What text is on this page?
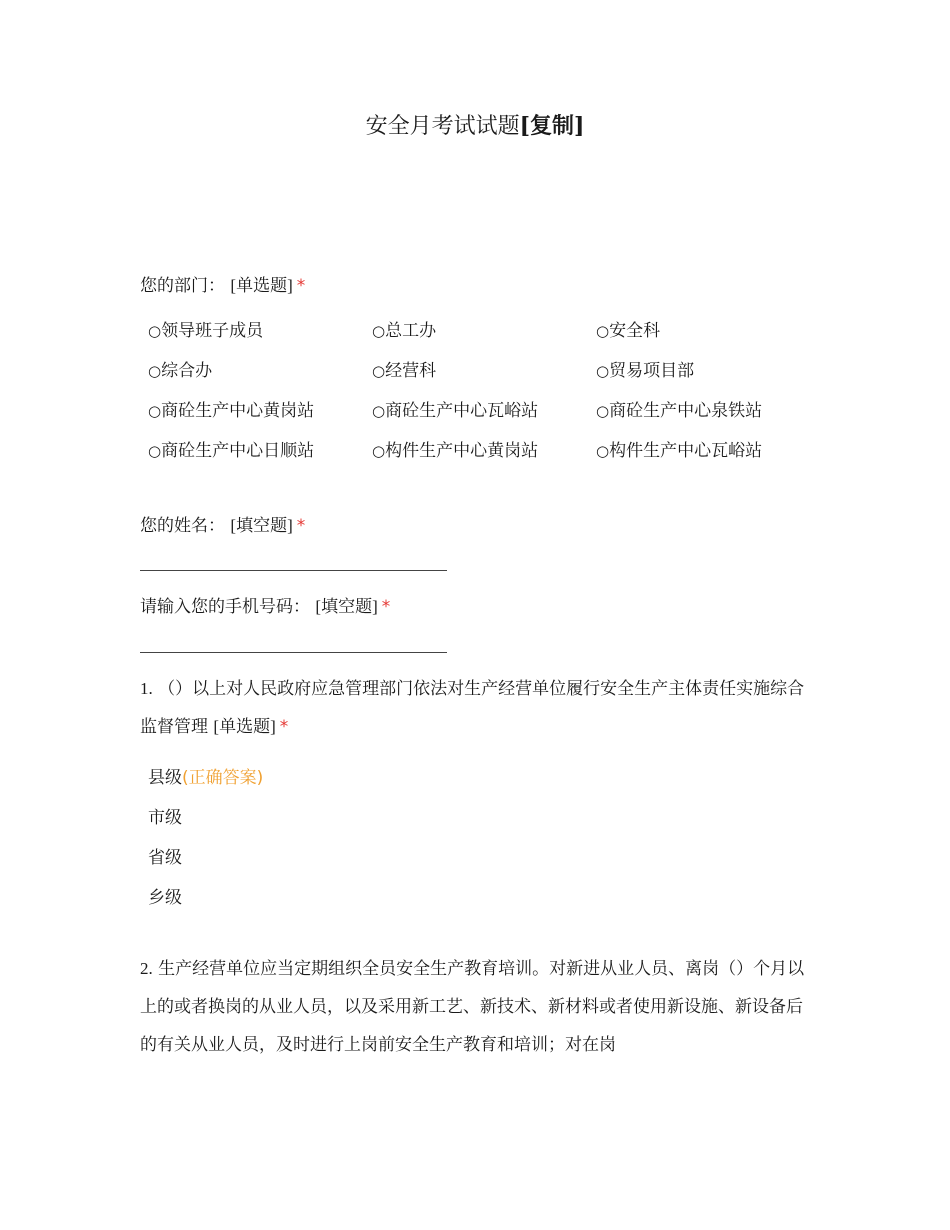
安全月考试试题[复制]
您的部门： [单选题] *
○领导班子成员	○总工办	○安全科
○综合办	○经营科	○贸易项目部
○商砼生产中心黄岗站	○商砼生产中心瓦峪站	○商砼生产中心泉铁站
○商砼生产中心日顺站	○构件生产中心黄岗站	○构件生产中心瓦峪站
您的姓名： [填空题] *
请输入您的手机号码： [填空题] *
1. （）以上对人民政府应急管理部门依法对生产经营单位履行安全生产主体责任实施综合监督管理 [单选题] *
县级(正确答案)
市级
省级
乡级
2. 生产经营单位应当定期组织全员安全生产教育培训。对新进从业人员、离岗（）个月以上的或者换岗的从业人员，以及采用新工艺、新技术、新材料或者使用新设施、新设备后的有关从业人员，及时进行上岗前安全生产教育和培训；对在岗
